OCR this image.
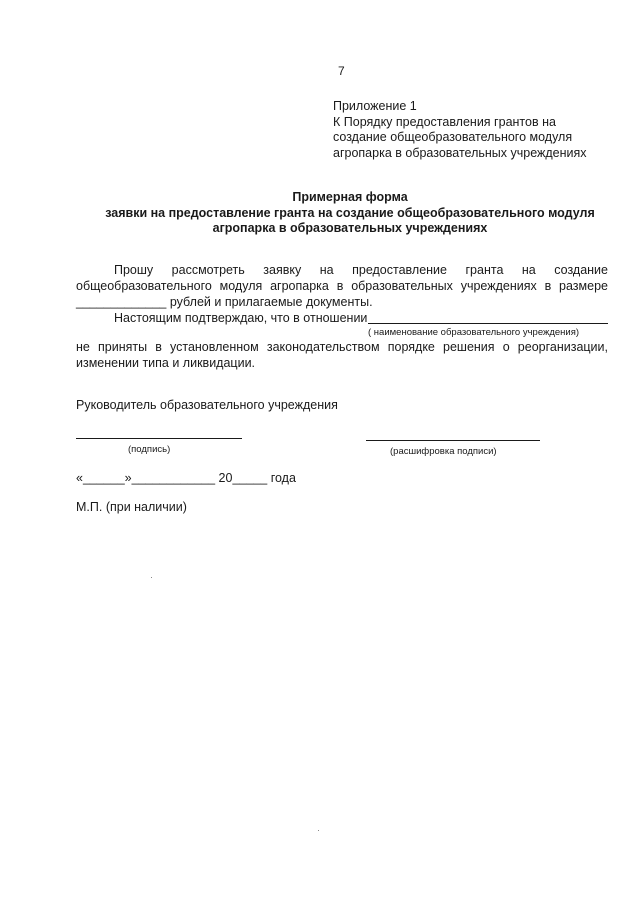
7
Приложение 1
К Порядку предоставления грантов на
создание общеобразовательного модуля
агропарка в образовательных учреждениях
Примерная форма
заявки на предоставление гранта на создание общеобразовательного модуля
агропарка в образовательных учреждениях
Прошу рассмотреть заявку на предоставление гранта на создание
общеобразовательного модуля агропарка в образовательных учреждениях в размере
_____________ рублей и прилагаемые документы.
Настоящим подтверждаю, что в отношении
( наименование образовательного учреждения)
не приняты в установленном законодательством порядке решения о реорганизации,
изменении типа и ликвидации.
Руководитель образовательного учреждения
(подпись)	(расшифровка подписи)
«______»____________ 20_____ года
М.П. (при наличии)
